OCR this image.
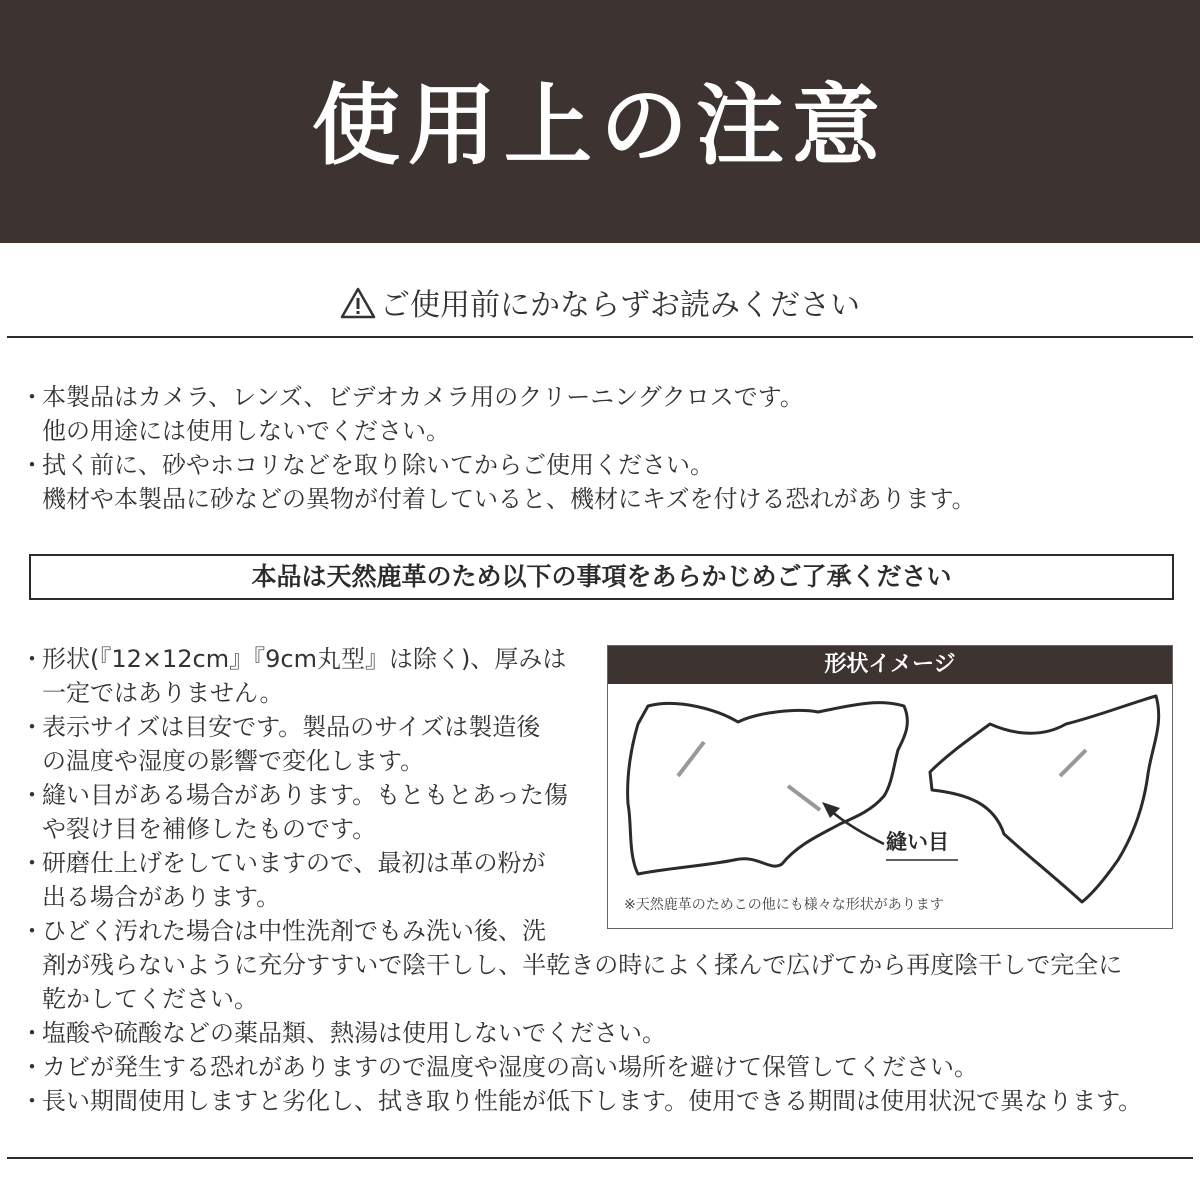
使用上の注意
ご使用前にかならずお読みください
・ 本製品はカメラ、レンズ、ビデオカメラ用のクリーニングクロスです。
他の用途には使用しないでください。
・ 拭く前に、砂やホコリなどを取り除いてからご使用ください。
機材や本製品に砂などの異物が付着していると、機材にキズを付ける恐れがあります。
本品は天然鹿革のため以下の事項をあらかじめご了承ください
・ 形状(『12×12cm』『9cm丸型』は除く)、厚みは
一定ではありません。
・ 表示サイズは目安です。製品のサイズは製造後
の温度や湿度の影響で変化します。
・ 縫い目がある場合があります。もともとあった傷
や裂け目を補修したものです。
・ 研磨仕上げをしていますので、最初は革の粉が
出る場合があります。
・ ひどく汚れた場合は中性洗剤でもみ洗い後、洗
剤が残らないように充分すすいで陰干しし、半乾きの時によく揉んで広げてから再度陰干しで完全に
乾かしてください。
・ 塩酸や硫酸などの薬品類、熱湯は使用しないでください。
・ カビが発生する恐れがありますので温度や湿度の高い場所を避けて保管してください。
・ 長い期間使用しますと劣化し、拭き取り性能が低下します。使用できる期間は使用状況で異なります。
形状イメージ
縫い目
※天然鹿革のためこの他にも様々な形状があります
